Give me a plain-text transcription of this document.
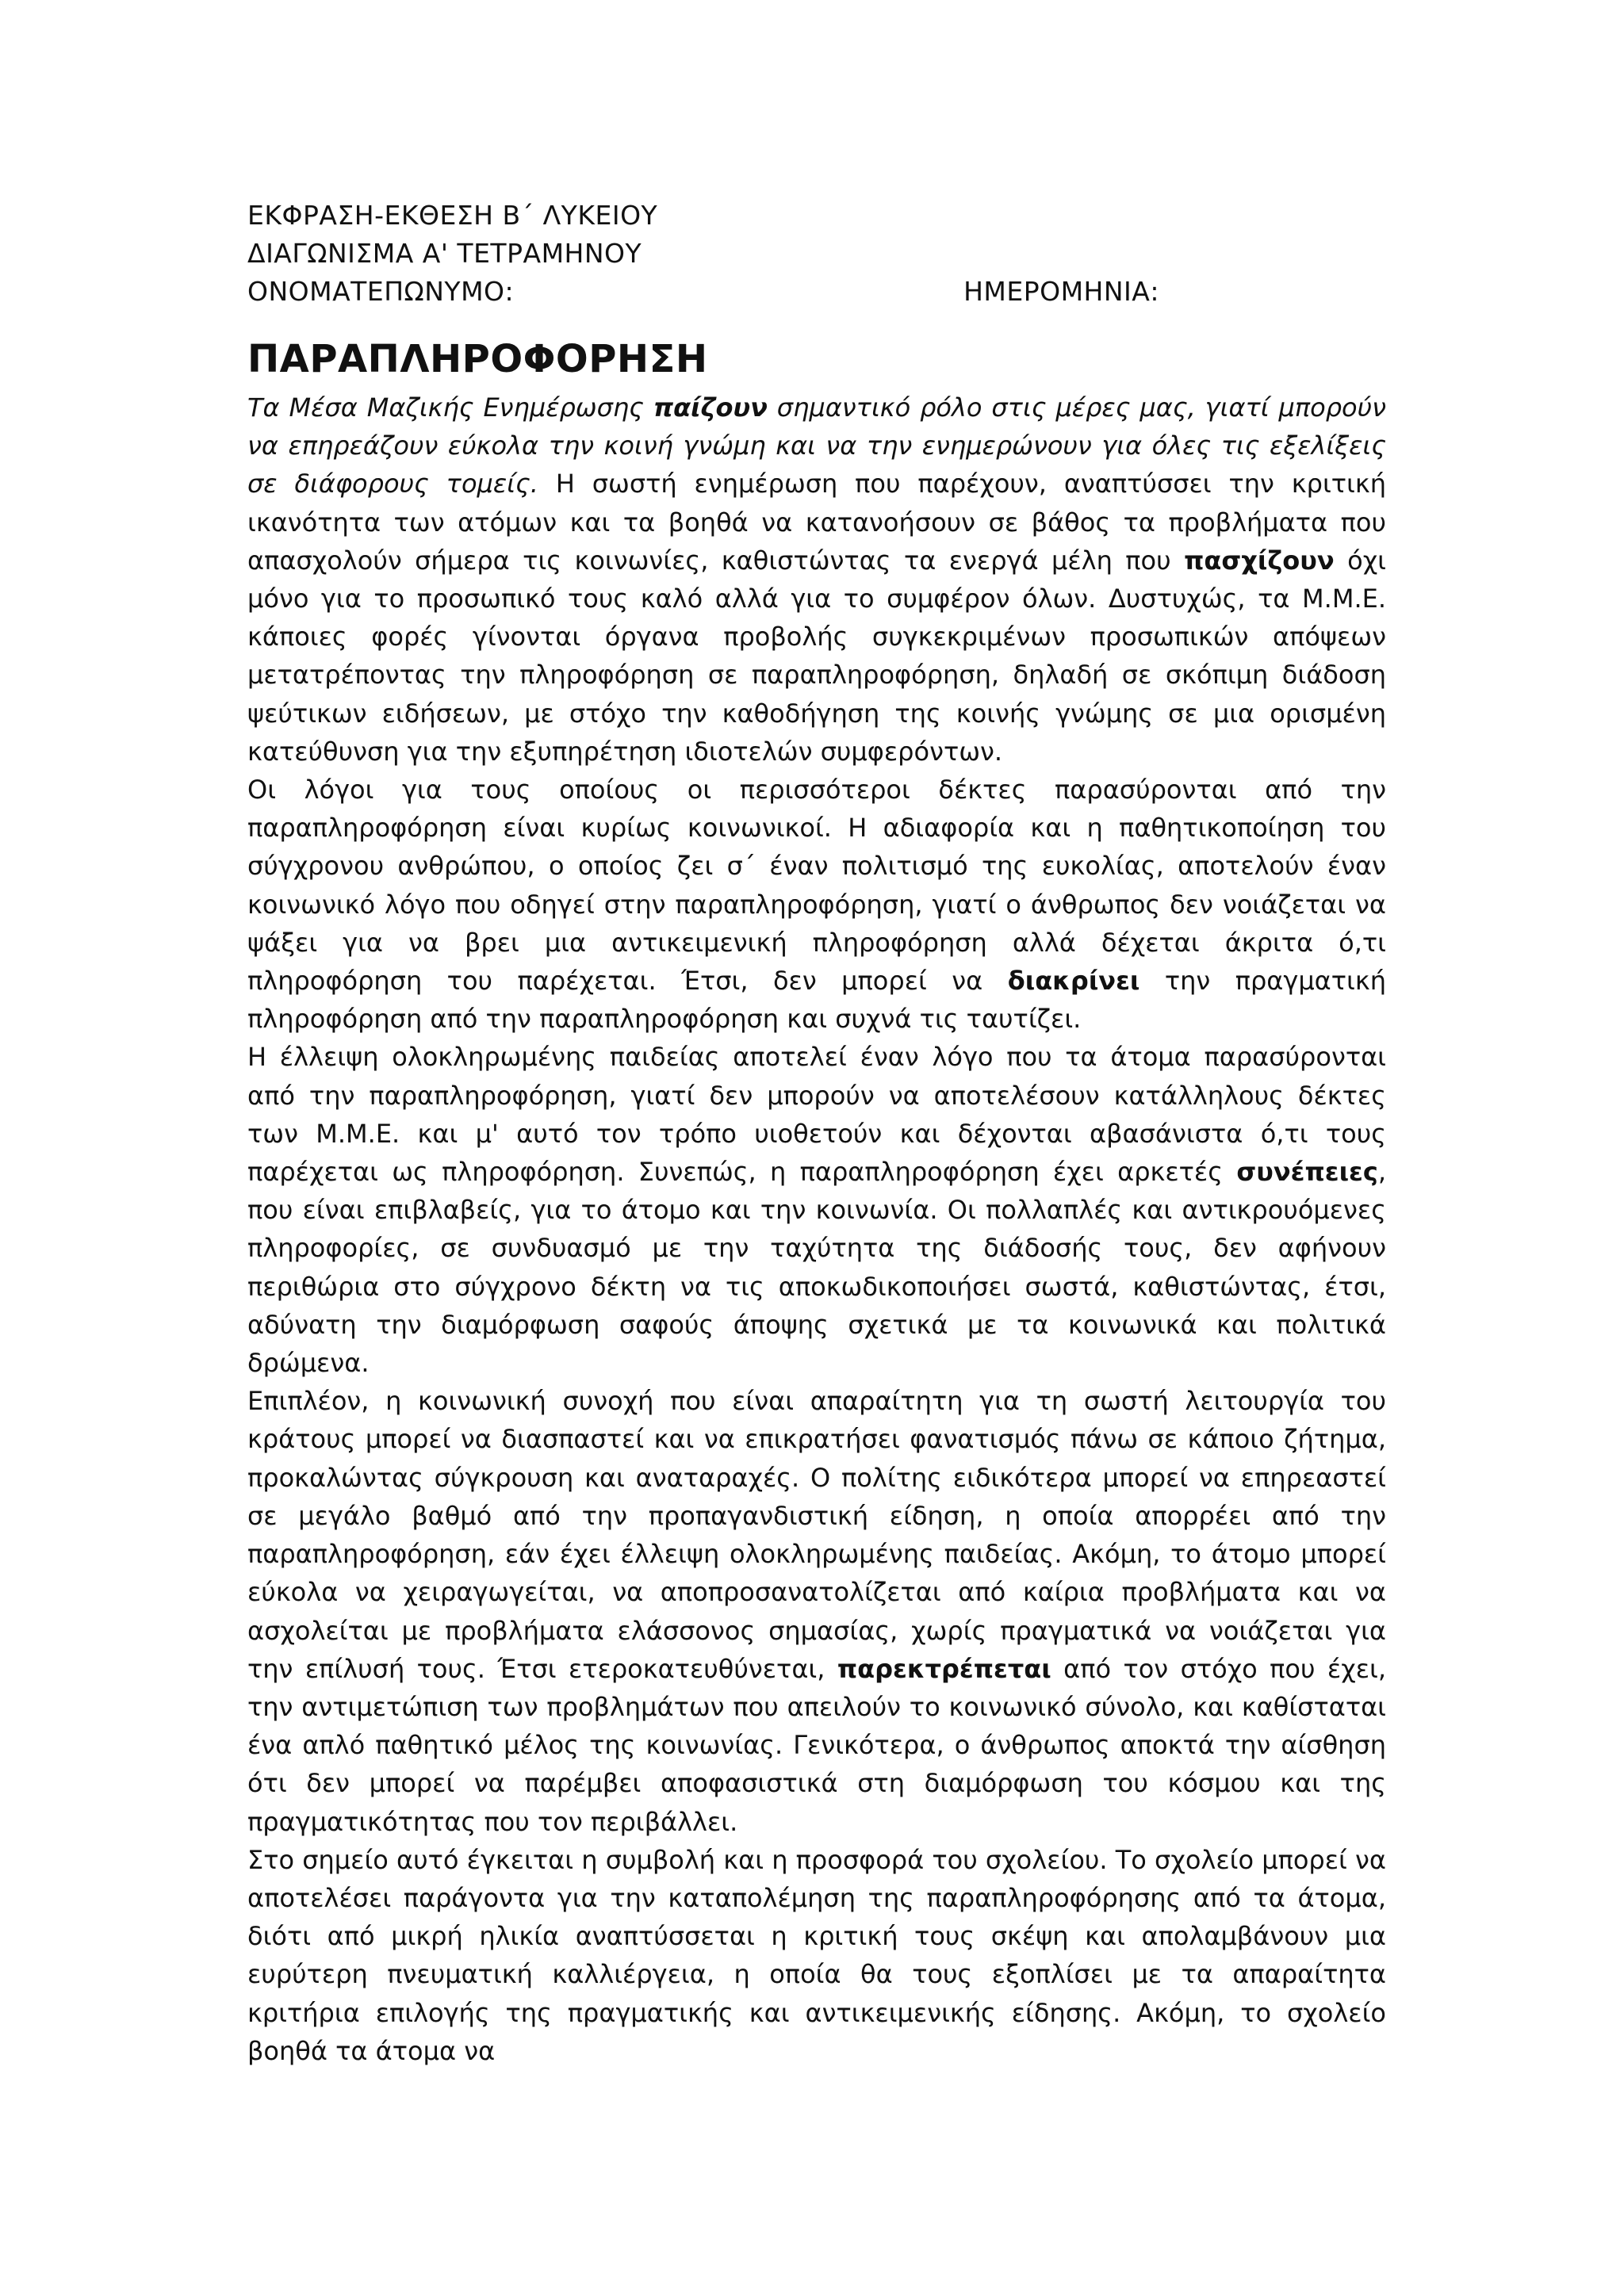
ΕΚΦΡΑΣΗ-ΕΚΘΕΣΗ Β΄ ΛΥΚΕΙΟΥ
ΔΙΑΓΩΝΙΣΜΑ Α' ΤΕΤΡΑΜΗΝΟΥ
ΟΝΟΜΑΤΕΠΩΝΥΜΟ:	ΗΜΕΡΟΜΗΝΙΑ:
ΠΑΡΑΠΛΗΡΟΦΟΡΗΣΗ

Τα Μέσα Μαζικής Ενημέρωσης παίζουν σημαντικό ρόλο στις μέρες μας, γιατί μπορούν να επηρεάζουν εύκολα την κοινή γνώμη και να την ενημερώνουν για όλες τις εξελίξεις σε διάφορους τομείς. Η σωστή ενημέρωση που παρέχουν, αναπτύσσει την κριτική ικανότητα των ατόμων και τα βοηθά να κατανοήσουν σε βάθος τα προβλήματα που απασχολούν σήμερα τις κοινωνίες, καθιστώντας τα ενεργά μέλη που πασχίζουν όχι μόνο για το προσωπικό τους καλό αλλά για το συμφέρον όλων. Δυστυχώς, τα Μ.Μ.Ε. κάποιες φορές γίνονται όργανα προβολής συγκεκριμένων προσωπικών απόψεων μετατρέποντας την πληροφόρηση σε παραπληροφόρηση, δηλαδή σε σκόπιμη διάδοση ψεύτικων ειδήσεων, με στόχο την καθοδήγηση της κοινής γνώμης σε μια ορισμένη κατεύθυνση για την εξυπηρέτηση ιδιοτελών συμφερόντων.

Οι λόγοι για τους οποίους οι περισσότεροι δέκτες παρασύρονται από την παραπληροφόρηση είναι κυρίως κοινωνικοί. Η αδιαφορία και η παθητικοποίηση του σύγχρονου ανθρώπου, ο οποίος ζει σ΄ έναν πολιτισμό της ευκολίας, αποτελούν έναν κοινωνικό λόγο που οδηγεί στην παραπληροφόρηση, γιατί ο άνθρωπος δεν νοιάζεται να ψάξει για να βρει μια αντικειμενική πληροφόρηση αλλά δέχεται άκριτα ό,τι πληροφόρηση του παρέχεται. Έτσι, δεν μπορεί να διακρίνει την πραγματική πληροφόρηση από την παραπληροφόρηση και συχνά τις ταυτίζει.

Η έλλειψη ολοκληρωμένης παιδείας αποτελεί έναν λόγο που τα άτομα παρασύρονται από την παραπληροφόρηση, γιατί δεν μπορούν να αποτελέσουν κατάλληλους δέκτες των Μ.Μ.Ε. και μ' αυτό τον τρόπο υιοθετούν και δέχονται αβασάνιστα ό,τι τους παρέχεται ως πληροφόρηση. Συνεπώς, η παραπληροφόρηση έχει αρκετές συνέπειες, που είναι επιβλαβείς, για το άτομο και την κοινωνία. Οι πολλαπλές και αντικρουόμενες πληροφορίες, σε συνδυασμό με την ταχύτητα της διάδοσής τους, δεν αφήνουν περιθώρια στο σύγχρονο δέκτη να τις αποκωδικοποιήσει σωστά, καθιστώντας, έτσι, αδύνατη την διαμόρφωση σαφούς άποψης σχετικά με τα κοινωνικά και πολιτικά δρώμενα.

Επιπλέον, η κοινωνική συνοχή που είναι απαραίτητη για τη σωστή λειτουργία του κράτους μπορεί να διασπαστεί και να επικρατήσει φανατισμός πάνω σε κάποιο ζήτημα, προκαλώντας σύγκρουση και αναταραχές. Ο πολίτης ειδικότερα μπορεί να επηρεαστεί σε μεγάλο βαθμό από την προπαγανδιστική είδηση, η οποία απορρέει από την παραπληροφόρηση, εάν έχει έλλειψη ολοκληρωμένης παιδείας. Ακόμη, το άτομο μπορεί εύκολα να χειραγωγείται, να αποπροσανατολίζεται από καίρια προβλήματα και να ασχολείται με προβλήματα ελάσσονος σημασίας, χωρίς πραγματικά να νοιάζεται για την επίλυσή τους. Έτσι ετεροκατευθύνεται, παρεκτρέπεται από τον στόχο που έχει, την αντιμετώπιση των προβλημάτων που απειλούν το κοινωνικό σύνολο, και καθίσταται ένα απλό παθητικό μέλος της κοινωνίας. Γενικότερα, ο άνθρωπος αποκτά την αίσθηση ότι δεν μπορεί να παρέμβει αποφασιστικά στη διαμόρφωση του κόσμου και της πραγματικότητας που τον περιβάλλει.

Στο σημείο αυτό έγκειται η συμβολή και η προσφορά του σχολείου. Το σχολείο μπορεί να αποτελέσει παράγοντα για την καταπολέμηση της παραπληροφόρησης από τα άτομα, διότι από μικρή ηλικία αναπτύσσεται η κριτική τους σκέψη και απολαμβάνουν μια ευρύτερη πνευματική καλλιέργεια, η οποία θα τους εξοπλίσει με τα απαραίτητα κριτήρια επιλογής της πραγματικής και αντικειμενικής είδησης. Ακόμη, το σχολείο βοηθά τα άτομα να
